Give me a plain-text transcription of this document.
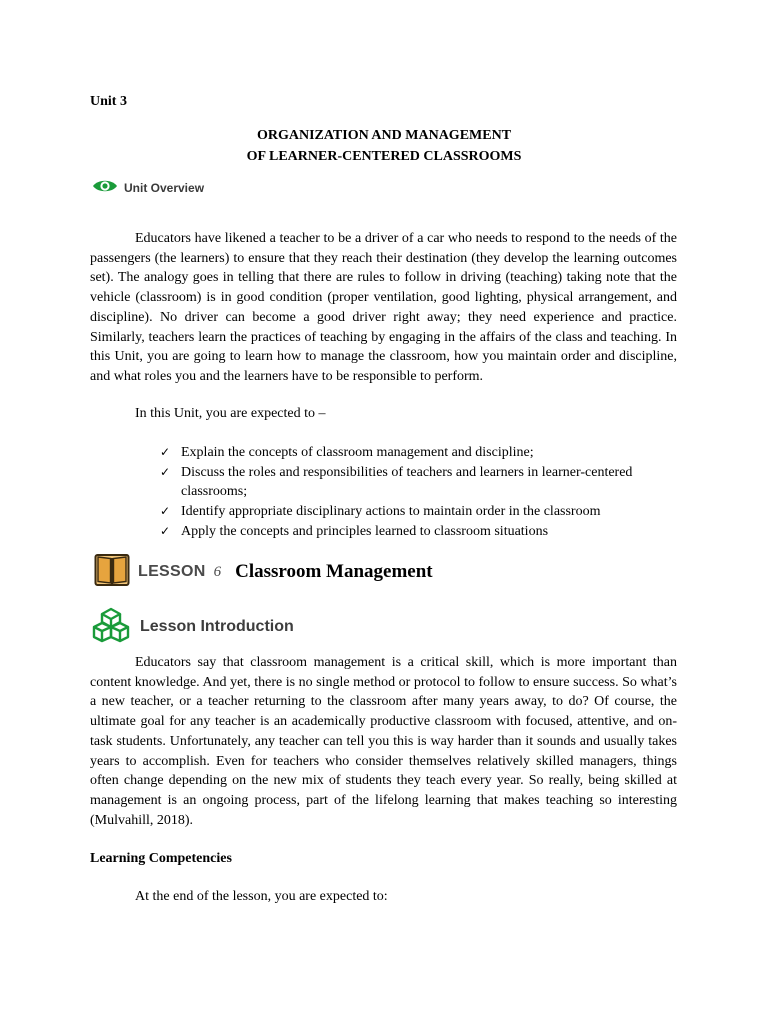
Unit 3
ORGANIZATION AND MANAGEMENT
OF LEARNER-CENTERED CLASSROOMS
Unit Overview

Educators have likened a teacher to be a driver of a car who needs to respond to the needs of the passengers (the learners) to ensure that they reach their destination (they develop the learning outcomes set). The analogy goes in telling that there are rules to follow in driving (teaching) taking note that the vehicle (classroom) is in good condition (proper ventilation, good lighting, physical arrangement, and discipline). No driver can become a good driver right away; they need experience and practice. Similarly, teachers learn the practices of teaching by engaging in the affairs of the class and teaching. In this Unit, you are going to learn how to manage the classroom, how you maintain order and discipline, and what roles you and the learners have to be responsible to perform.

In this Unit, you are expected to –
✓ Explain the concepts of classroom management and discipline;
✓ Discuss the roles and responsibilities of teachers and learners in learner-centered classrooms;
✓ Identify appropriate disciplinary actions to maintain order in the classroom
✓ Apply the concepts and principles learned to classroom situations
LESSON 6 Classroom Management
Lesson Introduction

Educators say that classroom management is a critical skill, which is more important than content knowledge. And yet, there is no single method or protocol to follow to ensure success. So what’s a new teacher, or a teacher returning to the classroom after many years away, to do? Of course, the ultimate goal for any teacher is an academically productive classroom with focused, attentive, and on-task students. Unfortunately, any teacher can tell you this is way harder than it sounds and usually takes years to accomplish. Even for teachers who consider themselves relatively skilled managers, things often change depending on the new mix of students they teach every year. So really, being skilled at management is an ongoing process, part of the lifelong learning that makes teaching so interesting (Mulvahill, 2018).

Learning Competencies
At the end of the lesson, you are expected to:
